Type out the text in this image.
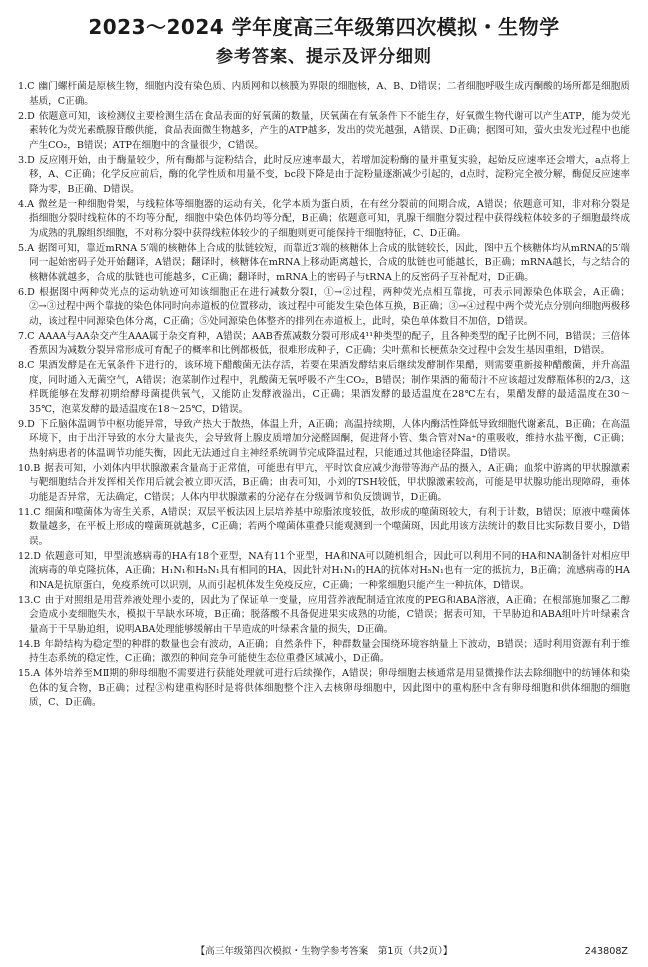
2023～2024 学年度高三年级第四次模拟・生物学
参考答案、提示及评分细则
1.C 幽门螺杆菌是原核生物，细胞内没有染色质、内质网和以核膜为界限的细胞核，A、B、D错误；二者细胞呼吸生成丙酮酸的场所都是细胞质基质，C正确。
2.D 依题意可知，该检测仪主要检测生活在食品表面的好氧菌的数量，厌氧菌在有氧条件下不能生存，好氧微生物代谢可以产生ATP，能为荧光素转化为荧光素酰腺苷酸供能，食品表面微生物越多，产生的ATP越多，发出的荧光越强，A错误、D正确；据图可知，萤火虫发光过程中也能产生CO₂，B错误；ATP在细胞中的含量很少，C错误。
3.D 反应刚开始，由于酶量较少，所有酶都与淀粉结合，此时反应速率最大，若增加淀粉酶的量并重复实验，起始反应速率还会增大，a点将上移，A、C正确；化学反应前后，酶的化学性质和用量不变，bc段下降是由于淀粉量逐渐减少引起的，d点时，淀粉完全被分解，酶促反应速率降为零，B正确、D错误。
4.A 微丝是一种细胞骨架，与线粒体等细胞器的运动有关，化学本质为蛋白质，在有丝分裂前的间期合成，A错误；依题意可知，非对称分裂是指细胞分裂时线粒体的不均等分配，细胞中染色体仍均等分配，B正确；依题意可知，乳腺干细胞分裂过程中获得线粒体较多的子细胞最终成为成熟的乳腺组织细胞，不对称分裂中获得线粒体较少的子细胞则更可能保持干细胞特征，C、D正确。
5.A 据图可知，靠近mRNA 5′端的核糖体上合成的肽链较短，而靠近3′端的核糖体上合成的肽链较长，因此，图中五个核糖体均从mRNA的5′端同一起始密码子处开始翻译，A错误；翻译时，核糖体在mRNA上移动距离越长，合成的肽链也可能越长，B正确；mRNA越长，与之结合的核糖体就越多，合成的肽链也可能越多，C正确；翻译时，mRNA上的密码子与tRNA上的反密码子互补配对，D正确。
6.D 根据图中两种荧光点的运动轨迹可知该细胞正在进行减数分裂Ⅰ，①→②过程，两种荧光点相互靠拢，可表示同源染色体联会，A正确；②→③过程中两个靠拢的染色体同时向赤道板的位置移动，该过程中可能发生染色体互换，B正确；③→④过程中两个荧光点分别向细胞两极移动，该过程中同源染色体分离，C正确；⑤处同源染色体整齐的排列在赤道板上，此时，染色单体数目不加倍，D错误。
7.C AAAA与AA杂交产生AAA属于杂交育种，A错误；AAB香蕉减数分裂可形成4¹¹种类型的配子，且各种类型的配子比例不同，B错误；三倍体香蕉因为减数分裂异常形成可育配子的概率和比例都极低，很难形成种子，C正确；尖叶蕉和长梗蕉杂交过程中会发生基因重组，D错误。
8.C 果酒发酵是在无氧条件下进行的，该环境下醋酸菌无法存活，若要在果酒发酵结束后继续发酵制作果醋，则需要重新接种醋酸菌，并升高温度，同时通入无菌空气，A错误；泡菜制作过程中，乳酸菌无氧呼吸不产生CO₂，B错误；制作果酒的葡萄汁不应该超过发酵瓶体积的2/3，这样既能够在发酵初期给酵母菌提供氧气，又能防止发酵液溢出，C正确；果酒发酵的最适温度在28℃左右，果醋发酵的最适温度在30～35℃，泡菜发酵的最适温度在18～25℃，D错误。
9.D 下丘脑体温调节中枢功能异常，导致产热大于散热，体温上升，A正确；高温持续期，人体内酶活性降低导致细胞代谢紊乱，B正确；在高温环境下，由于出汗导致的水分大量丧失，会导致肾上腺皮质增加分泌醛固酮，促进肾小管、集合管对Na⁺的重吸收，维持水盐平衡，C正确；热射病患者的体温调节功能失衡，因此无法通过自主神经系统调节完成降温过程，只能通过其他途径降温，D错误。
10.B 据表可知，小刘体内甲状腺激素含量高于正常值，可能患有甲亢，平时饮食应减少海带等海产品的摄入，A正确；血浆中游离的甲状腺激素与靶细胞结合并发挥相关作用后就会被立即灭活，B正确；由表可知，小刘的TSH较低，甲状腺激素较高，可能是甲状腺功能出现障碍，垂体功能是否异常，无法确定，C错误；人体内甲状腺激素的分泌存在分级调节和负反馈调节，D正确。
11.C 细菌和噬菌体为寄生关系，A错误；双层平板法因上层培养基中琼脂浓度较低，故形成的噬菌斑较大，有利于计数，B错误；原液中噬菌体数量越多，在平板上形成的噬菌斑就越多，C正确；若两个噬菌体重叠只能观测到一个噬菌斑，因此用该方法统计的数目比实际数目要小，D错误。
12.D 依题意可知，甲型流感病毒的HA有18个亚型，NA有11个亚型，HA和NA可以随机组合，因此可以利用不同的HA和NA制备针对相应甲流病毒的单克隆抗体，A正确；H₁N₁和H₅N₁具有相同的HA，因此针对H₁N₁的HA的抗体对H₅N₁也有一定的抵抗力，B正确；流感病毒的HA和NA是抗原蛋白，免疫系统可以识别，从而引起机体发生免疫反应，C正确；一种浆细胞只能产生一种抗体，D错误。
13.C 由于对照组是用营养液处理小麦的，因此为了保证单一变量，应用营养液配制适宜浓度的PEG和ABA溶液，A正确；在根部施加聚乙二醇会造成小麦细胞失水，模拟干旱缺水环境，B正确；脱落酸不具备促进果实成熟的功能，C错误；据表可知，干旱胁迫和ABA组叶片叶绿素含量高于干旱胁迫组，说明ABA处理能够缓解由干旱造成的叶绿素含量的损失，D正确。
14.B 年龄结构为稳定型的种群的数量也会有波动，A正确；自然条件下，种群数量会围绕环境容纳量上下波动，B错误；适时利用资源有利于维持生态系统的稳定性，C正确；激烈的种间竞争可能使生态位重叠区域减小，D正确。
15.A 体外培养至MⅡ期的卵母细胞不需要进行获能处理就可进行后续操作，A错误；卵母细胞去核通常是用显微操作法去除细胞中的纺锤体和染色体的复合物，B正确；过程③构建重构胚时是将供体细胞整个注入去核卵母细胞中，因此图中的重构胚中含有卵母细胞和供体细胞的细胞质，C、D正确。
【高三年级第四次模拟・生物学参考答案　第1页（共2页）】	243808Z
